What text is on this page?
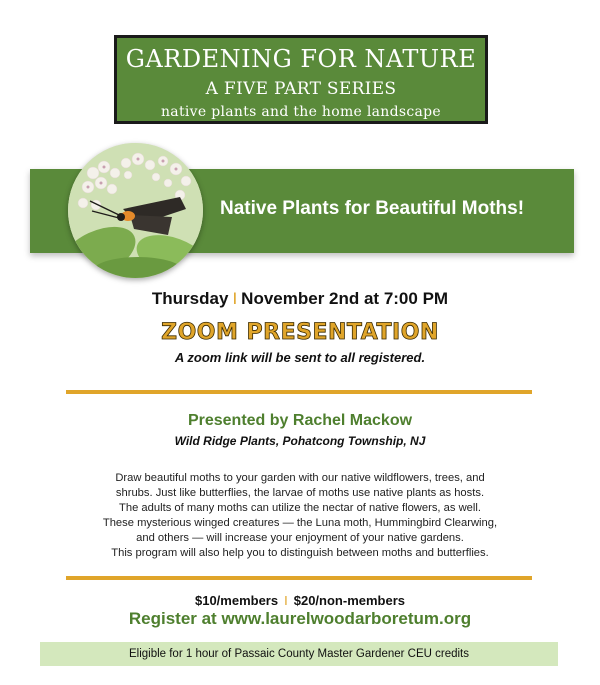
GARDENING FOR NATURE
A FIVE PART SERIES
native plants and the home landscape
Native Plants for Beautiful Moths!
Thursday I November 2nd at 7:00 PM
ZOOM PRESENTATION
A zoom link will be sent to all registered.
Presented by Rachel Mackow
Wild Ridge Plants, Pohatcong Township, NJ
Draw beautiful moths to your garden with our native wildflowers, trees, and
shrubs. Just like butterflies, the larvae of moths use native plants as hosts.
The adults of many moths can utilize the nectar of native flowers, as well.
These mysterious winged creatures — the Luna moth, Hummingbird Clearwing,
and others — will increase your enjoyment of your native gardens.
This program will also help you to distinguish between moths and butterflies.
$10/members I $20/non-members
Register at www.laurelwoodarboretum.org
Eligible for 1 hour of Passaic County Master Gardener CEU credits
